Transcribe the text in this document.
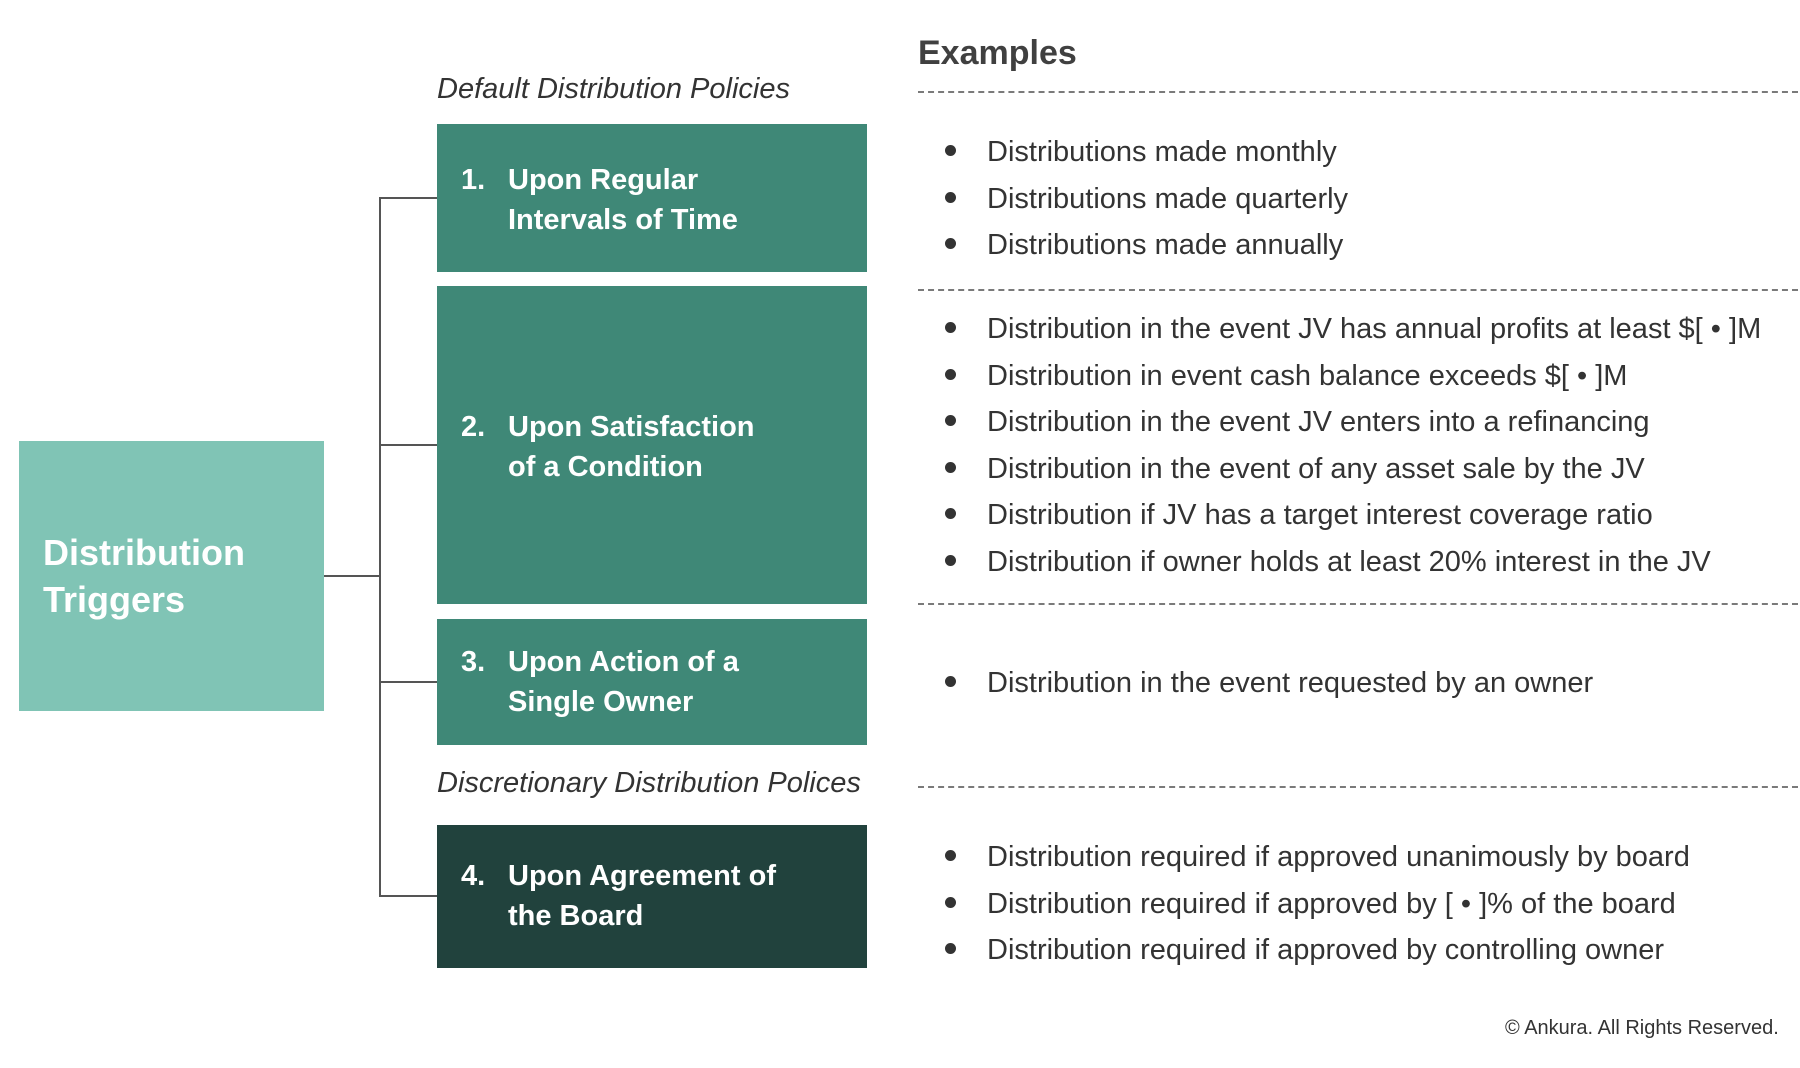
Distribution Triggers
Default Distribution Policies
Discretionary Distribution Polices
1. Upon Regular Intervals of Time
2. Upon Satisfaction of a Condition
3. Upon Action of a Single Owner
4. Upon Agreement of the Board
Examples
Distributions made monthly
Distributions made quarterly
Distributions made annually
Distribution in the event JV has annual profits at least $[ • ]M
Distribution in event cash balance exceeds $[ • ]M
Distribution in the event JV enters into a refinancing
Distribution in the event of any asset sale by the JV
Distribution if JV has a target interest coverage ratio
Distribution if owner holds at least 20% interest in the JV
Distribution in the event requested by an owner
Distribution required if approved unanimously by board
Distribution required if approved by [ • ]% of the board
Distribution required if approved by controlling owner
© Ankura. All Rights Reserved.
